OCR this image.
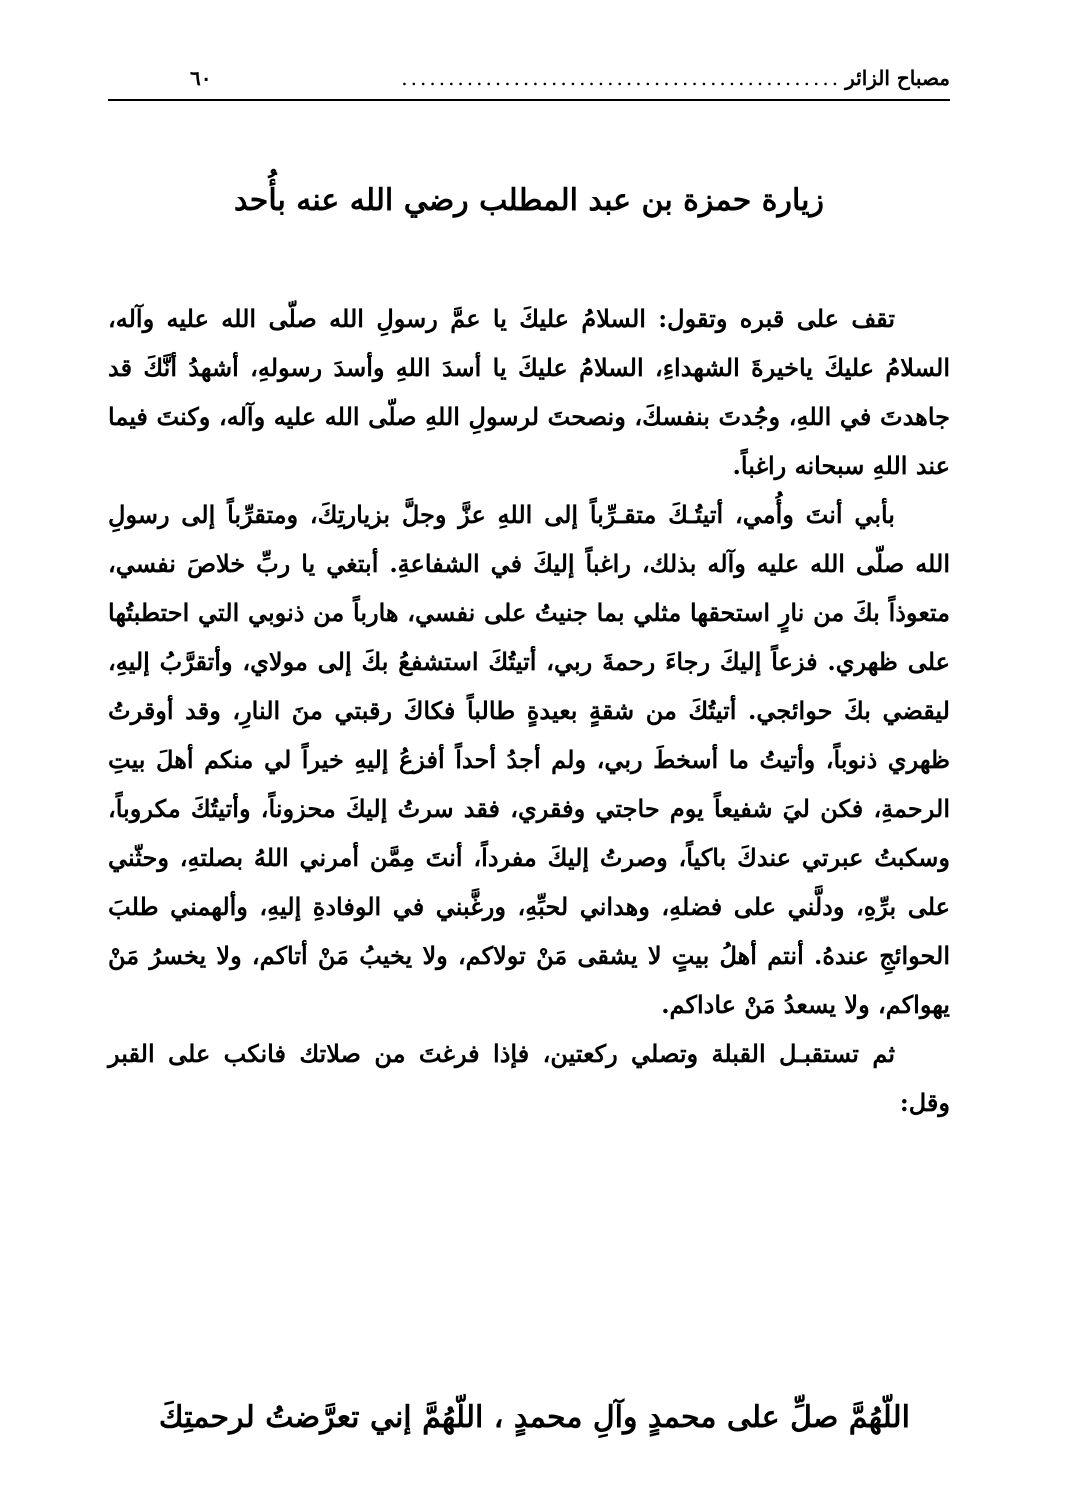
مصباح الزائر
...............................................
٦٠
زيارة حمزة بن عبد المطلب رضي الله عنه بأُحد

تقف على قبره وتقول: السلامُ عليكَ يا عمَّ رسولِ الله صلّى الله عليه وآله، السلامُ عليكَ ياخيرةَ الشهداءِ، السلامُ عليكَ يا أسدَ اللهِ وأسدَ رسولهِ، أشهدُ أنَّكَ قد جاهدتَ في اللهِ، وجُدتَ بنفسكَ، ونصحتَ لرسولِ اللهِ صلّى الله عليه وآله، وكنتَ فيما عند اللهِ سبحانه راغباً.

بأبي أنتَ وأُمي، أتيتُـكَ متقـرِّباً إلى اللهِ عزَّ وجلَّ بزيارتِكَ، ومتقرِّباً إلى رسولِ الله صلّى الله عليه وآله بذلك، راغباً إليكَ في الشفاعةِ. أبتغي يا ربِّ خلاصَ نفسي، متعوذاً بكَ من نارٍ استحقها مثلي بما جنيتُ على نفسي، هارباً من ذنوبي التي احتطبتُها على ظهري. فزعاً إليكَ رجاءَ رحمةَ ربي، أتيتُكَ استشفعُ بكَ إلى مولاي، وأتقرَّبُ إليهِ، ليقضي بكَ حوائجي. أتيتُكَ من شقةٍ بعيدةٍ طالباً فكاكَ رقبتي منَ النارِ، وقد أوقرتُ ظهري ذنوباً، وأتيتُ ما أسخطَ ربي، ولم أجدُ أحداً أفزعُ إليهِ خيراً لي منكم أهلَ بيتِ الرحمةِ، فكن ليَ شفيعاً يوم حاجتي وفقري، فقد سرتُ إليكَ محزوناً، وأتيتُكَ مكروباً، وسكبتُ عبرتي عندكَ باكياً، وصرتُ إليكَ مفرداً، أنتَ مِمَّن أمرني اللهُ بصلتهِ، وحثّني على برِّهِ، ودلَّني على فضلهِ، وهداني لحبِّهِ، ورغَّبني في الوفادةِ إليهِ، وألهمني طلبَ الحوائجِ عندهُ. أنتم أهلُ بيتٍ لا يشقى مَنْ تولاكم، ولا يخيبُ مَنْ أتاكم، ولا يخسرُ مَنْ يهواكم، ولا يسعدُ مَنْ عاداكم.

ثم تستقبـل القبلة وتصلي ركعتين، فإذا فرغتَ من صلاتك فانكب على القبر وقل:

اللّهُمَّ صلِّ على محمدٍ وآلِ محمدٍ ، اللّهُمَّ إني تعرَّضتُ لرحمتِكَ
